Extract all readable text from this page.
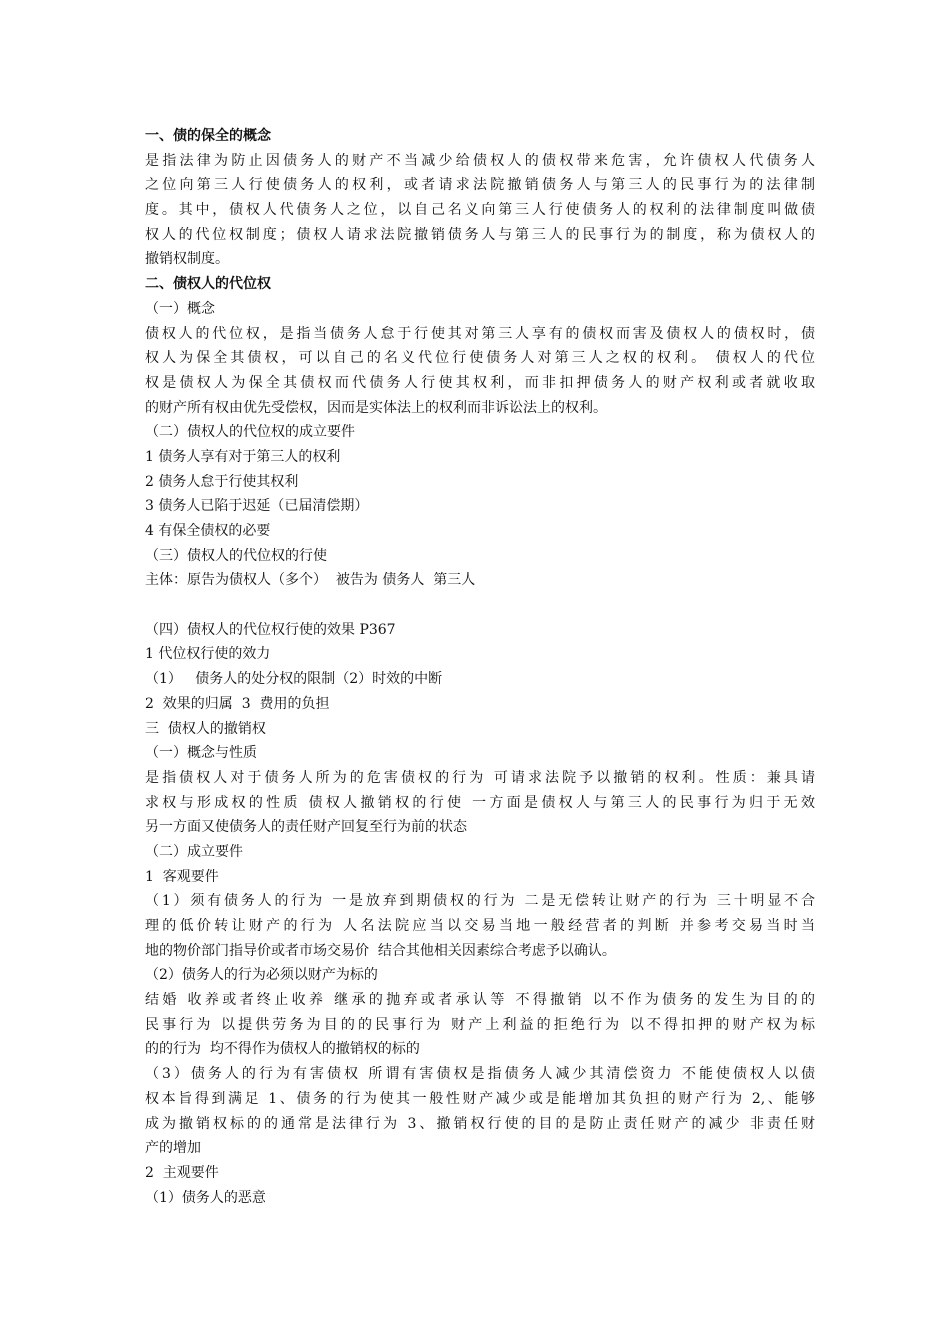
一、债的保全的概念
是指法律为防止因债务人的财产不当减少给债权人的债权带来危害，允许债权人代债务人
之位向第三人行使债务人的权利，或者请求法院撤销债务人与第三人的民事行为的法律制
度。其中，债权人代债务人之位，以自己名义向第三人行使债务人的权利的法律制度叫做债
权人的代位权制度；债权人请求法院撤销债务人与第三人的民事行为的制度，称为债权人的
撤销权制度。
二、债权人的代位权
（一）概念
债权人的代位权，是指当债务人怠于行使其对第三人享有的债权而害及债权人的债权时，债
权人为保全其债权，可以自己的名义代位行使债务人对第三人之权的权利。 债权人的代位
权是债权人为保全其债权而代债务人行使其权利，而非扣押债务人的财产权利或者就收取
的财产所有权由优先受偿权，因而是实体法上的权利而非诉讼法上的权利。
（二）债权人的代位权的成立要件
1 债务人享有对于第三人的权利
2 债务人怠于行使其权利
3 债务人已陷于迟延（已届清偿期）
4 有保全债权的必要
（三）债权人的代位权的行使
主体：原告为债权人（多个）  被告为 债务人  第三人
（四）债权人的代位权行使的效果 P367
1 代位权行使的效力
（1）   债务人的处分权的限制（2）时效的中断
2  效果的归属  3  费用的负担
三  债权人的撤销权
（一）概念与性质
是指债权人对于债务人所为的危害债权的行为 可请求法院予以撤销的权利。性质：兼具请
求权与形成权的性质 债权人撤销权的行使 一方面是债权人与第三人的民事行为归于无效
另一方面又使债务人的责任财产回复至行为前的状态
（二）成立要件
1  客观要件
（1）须有债务人的行为 一是放弃到期债权的行为 二是无偿转让财产的行为 三十明显不合
理的低价转让财产的行为 人名法院应当以交易当地一般经营者的判断 并参考交易当时当
地的物价部门指导价或者市场交易价  结合其他相关因素综合考虑予以确认。
（2）债务人的行为必须以财产为标的
结婚 收养或者终止收养 继承的抛弃或者承认等 不得撤销 以不作为债务的发生为目的的
民事行为 以提供劳务为目的的民事行为 财产上利益的拒绝行为 以不得扣押的财产权为标
的的行为  均不得作为债权人的撤销权的标的
（3）债务人的行为有害债权 所谓有害债权是指债务人减少其清偿资力 不能使债权人以债
权本旨得到满足 1、债务的行为使其一般性财产减少或是能增加其负担的财产行为 2,、能够
成为撤销权标的的通常是法律行为 3、撤销权行使的目的是防止责任财产的减少 非责任财
产的增加
2  主观要件
（1）债务人的恶意
